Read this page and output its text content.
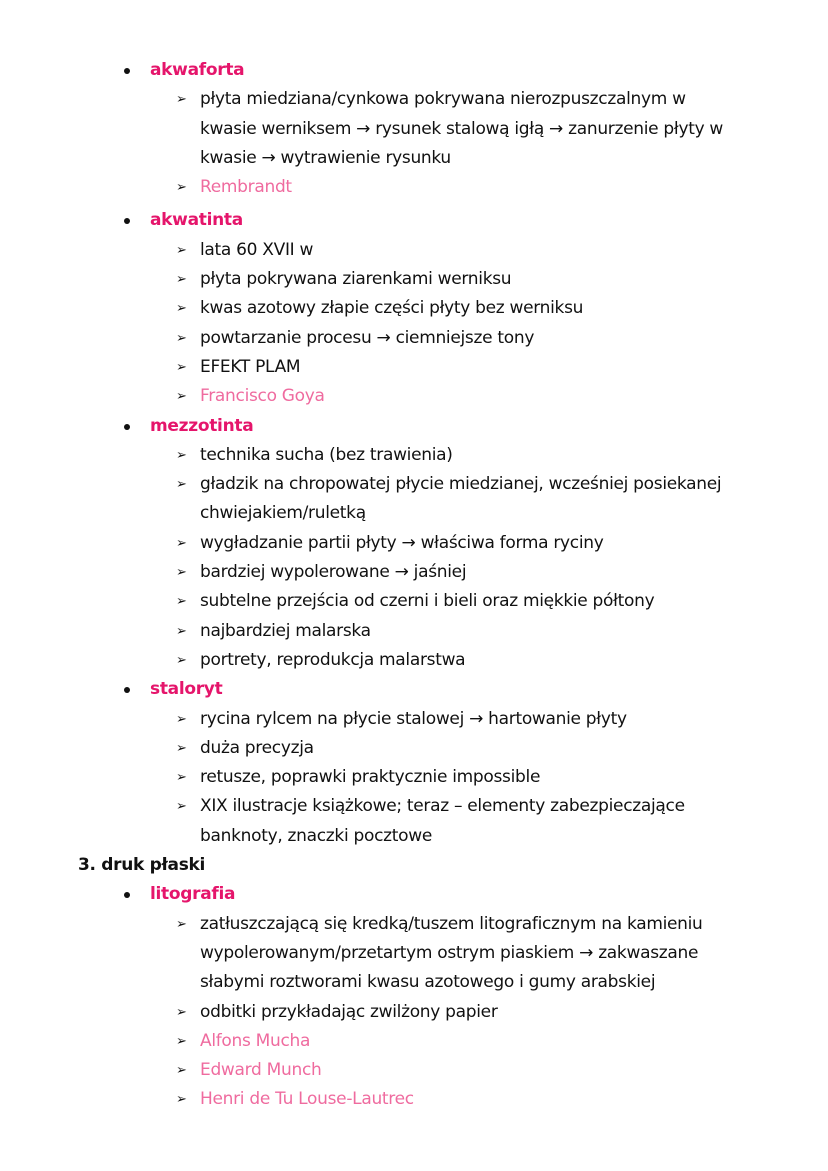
akwaforta
➢ płyta miedziana/cynkowa pokrywana nierozpuszczalnym w
kwasie werniksem → rysunek stalową igłą → zanurzenie płyty w
kwasie → wytrawienie rysunku
➢ Rembrandt
akwatinta
➢ lata 60 XVII w
➢ płyta pokrywana ziarenkami werniksu
➢ kwas azotowy złapie części płyty bez werniksu
➢ powtarzanie procesu → ciemniejsze tony
➢ EFEKT PLAM
➢ Francisco Goya
mezzotinta
➢ technika sucha (bez trawienia)
➢ gładzik na chropowatej płycie miedzianej, wcześniej posiekanej
chwiejakiem/ruletką
➢ wygładzanie partii płyty → właściwa forma ryciny
➢ bardziej wypolerowane → jaśniej
➢ subtelne przejścia od czerni i bieli oraz miękkie półtony
➢ najbardziej malarska
➢ portrety, reprodukcja malarstwa
staloryt
➢ rycina rylcem na płycie stalowej → hartowanie płyty
➢ duża precyzja
➢ retusze, poprawki praktycznie impossible
➢ XIX ilustracje książkowe; teraz – elementy zabezpieczające
banknoty, znaczki pocztowe
3. druk płaski
litografia
➢ zatłuszczającą się kredką/tuszem litograficznym na kamieniu
wypolerowanym/przetartym ostrym piaskiem → zakwaszane
słabymi roztworami kwasu azotowego i gumy arabskiej
➢ odbitki przykładając zwilżony papier
➢ Alfons Mucha
➢ Edward Munch
➢ Henri de Tu Louse-Lautrec
